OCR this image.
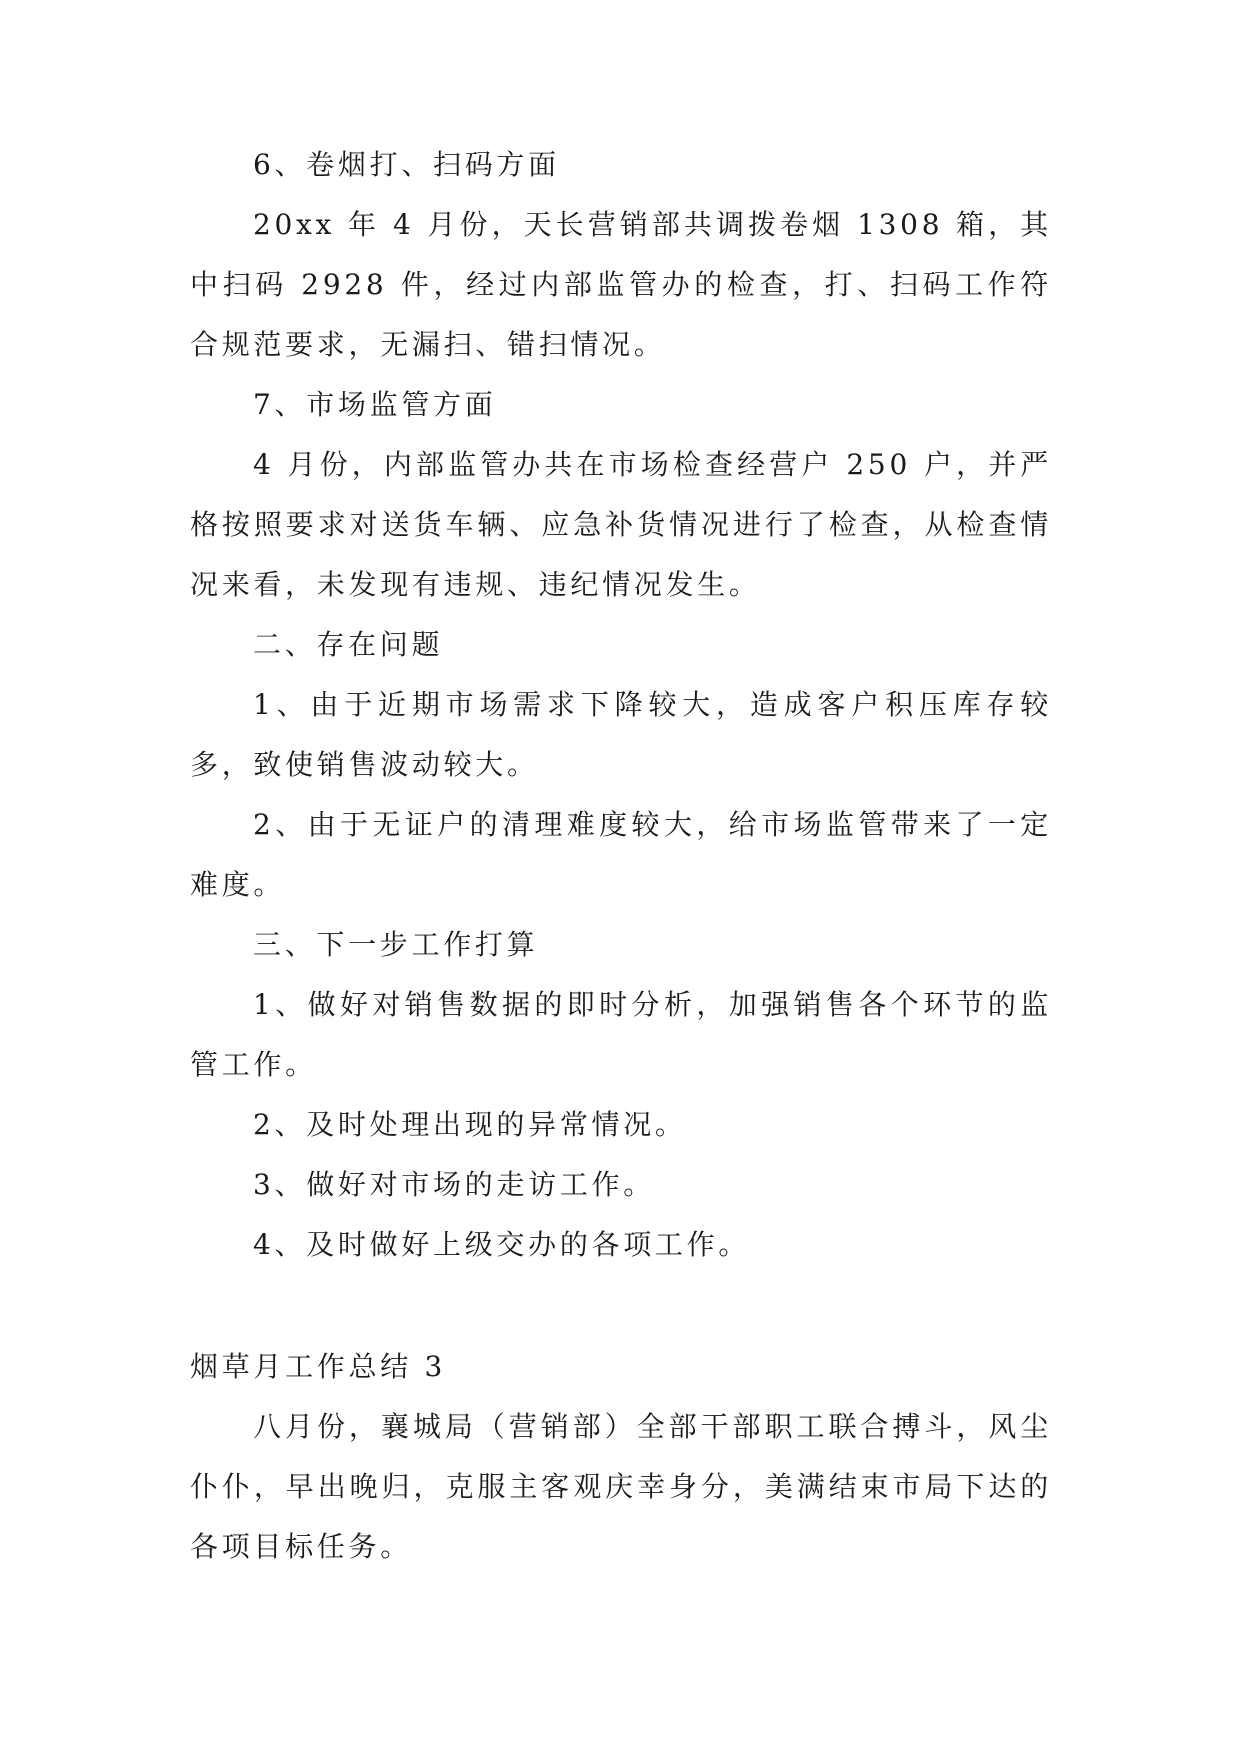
6、卷烟打、扫码方面

20xx 年 4 月份，天长营销部共调拨卷烟 1308 箱，其中扫码 2928 件，经过内部监管办的检查，打、扫码工作符合规范要求，无漏扫、错扫情况。

7、市场监管方面

4 月份，内部监管办共在市场检查经营户 250 户，并严格按照要求对送货车辆、应急补货情况进行了检查，从检查情况来看，未发现有违规、违纪情况发生。

二、存在问题

1、由于近期市场需求下降较大，造成客户积压库存较多，致使销售波动较大。

2、由于无证户的清理难度较大，给市场监管带来了一定难度。

三、下一步工作打算

1、做好对销售数据的即时分析，加强销售各个环节的监管工作。

2、及时处理出现的异常情况。

3、做好对市场的走访工作。

4、及时做好上级交办的各项工作。

烟草月工作总结 3

八月份，襄城局（营销部）全部干部职工联合搏斗，风尘仆仆，早出晚归，克服主客观庆幸身分，美满结束市局下达的各项目标任务。
